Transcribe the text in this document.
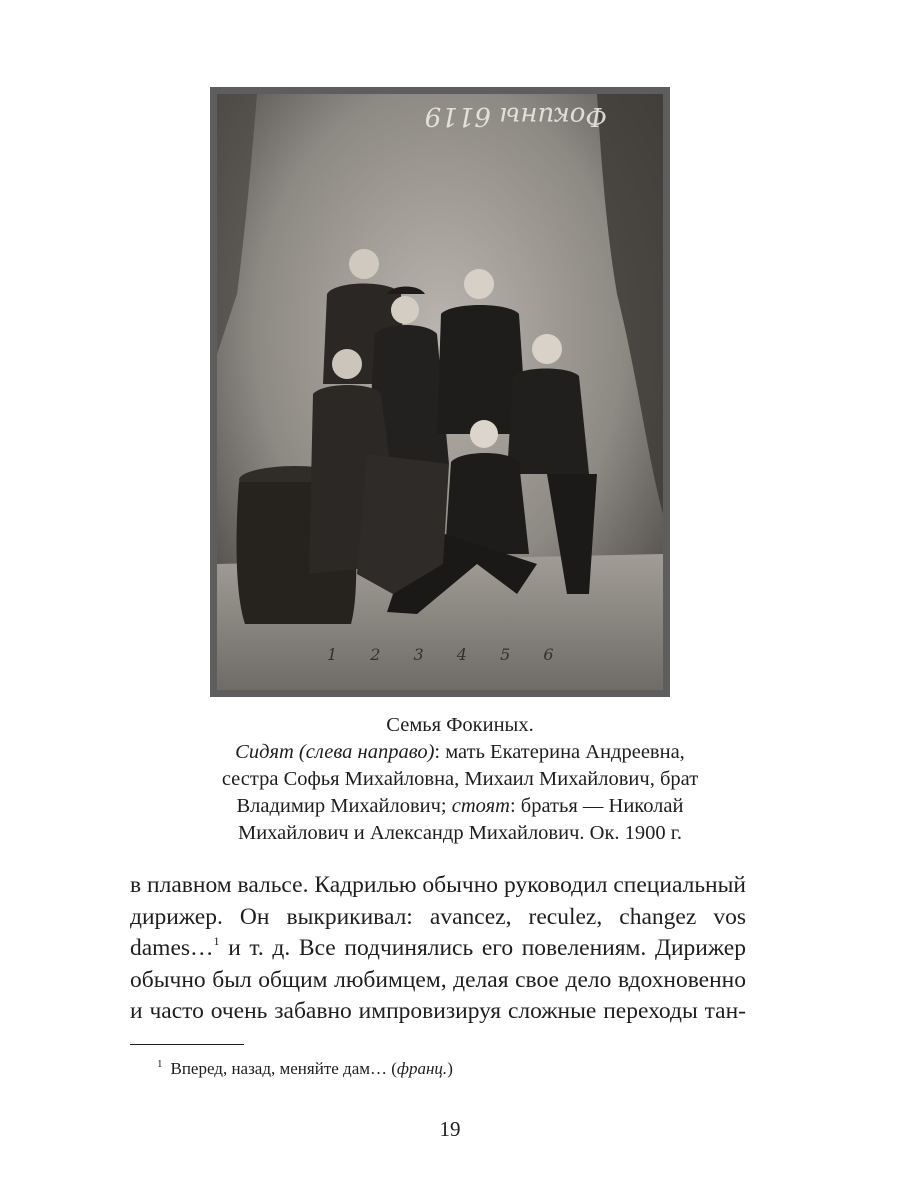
Фокины 6119
1 2 3 4 5 6
Семья Фокиных.
Сидят (слева направо): мать Екатерина Андреевна,
сестра Софья Михайловна, Михаил Михайлович, брат
Владимир Михайлович; стоят: братья — Николай
Михайлович и Александр Михайлович. Ок. 1900 г.
в плавном вальсе. Кадрилью обычно руководил специальный
дирижер. Он выкрикивал: avancez, reculez, changez vos
dames…$^1$ и т. д. Все подчинялись его повелениям. Дирижер
обычно был общим любимцем, делая свое дело вдохновенно
и часто очень забавно импровизируя сложные переходы тан-
$^1$ Вперед, назад, меняйте дам… (франц.)
19
